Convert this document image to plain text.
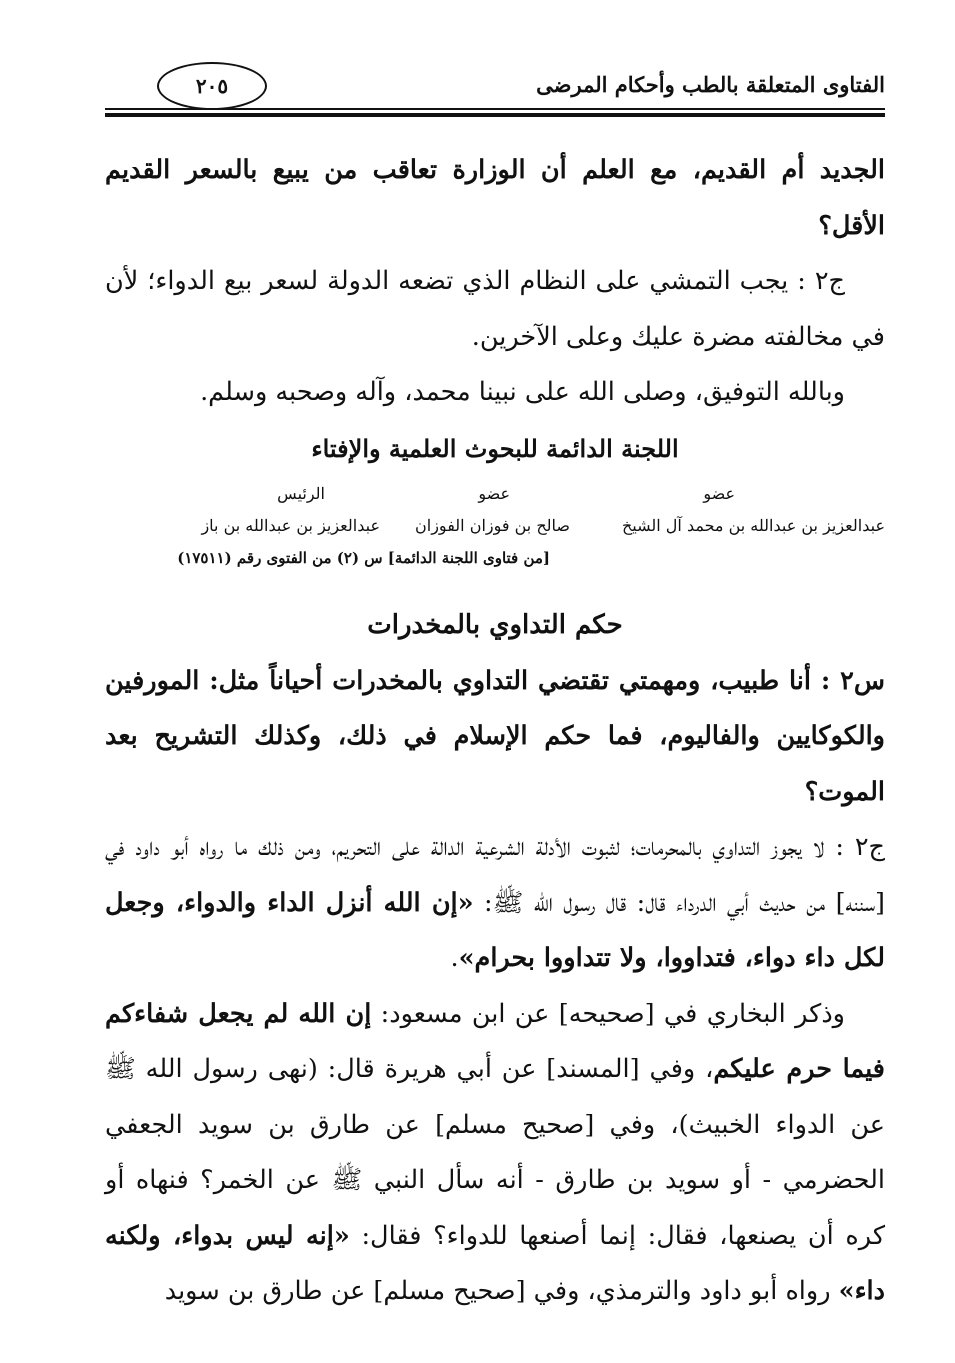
الفتاوى المتعلقة بالطب وأحكام المرضى
٢٠٥

الجديد أم القديم، مع العلم أن الوزارة تعاقب من يبيع بالسعر القديم الأقل؟

ج٢ : يجب التمشي على النظام الذي تضعه الدولة لسعر بيع الدواء؛ لأن في مخالفته مضرة عليك وعلى الآخرين.

وبالله التوفيق، وصلى الله على نبينا محمد، وآله وصحبه وسلم.

اللجنة الدائمة للبحوث العلمية والإفتاء

عضو
عضو
الرئيس
عبدالعزيز بن عبدالله بن محمد آل الشيخ
صالح بن فوزان الفوزان
عبدالعزيز بن عبدالله بن باز
[من فتاوى اللجنة الدائمة] س (٢) من الفتوى رقم (١٧٥١١)

حكم التداوي بالمخدرات

س٢ : أنا طبيب، ومهمتي تقتضي التداوي بالمخدرات أحياناً مثل: المورفين والكوكايين والفاليوم، فما حكم الإسلام في ذلك، وكذلك التشريح بعد الموت؟

ج٢ : لا يجوز التداوي بالمحرمات؛ لثبوت الأدلة الشرعية الدالة على التحريم، ومن ذلك ما رواه أبو داود في [سننه] من حديث أبي الدرداء قال: قال رسول الله ﷺ: «إن الله أنزل الداء والدواء، وجعل لكل داء دواء، فتداووا، ولا تتداووا بحرام».

وذكر البخاري في [صحيحه] عن ابن مسعود: إن الله لم يجعل شفاءكم فيما حرم عليكم، وفي [المسند] عن أبي هريرة قال: (نهى رسول الله ﷺ عن الدواء الخبيث)، وفي [صحيح مسلم] عن طارق بن سويد الجعفي الحضرمي - أو سويد بن طارق - أنه سأل النبي ﷺ عن الخمر؟ فنهاه أو كره أن يصنعها، فقال: إنما أصنعها للدواء؟ فقال: «إنه ليس بدواء، ولكنه داء» رواه أبو داود والترمذي، وفي [صحيح مسلم] عن طارق بن سويد
